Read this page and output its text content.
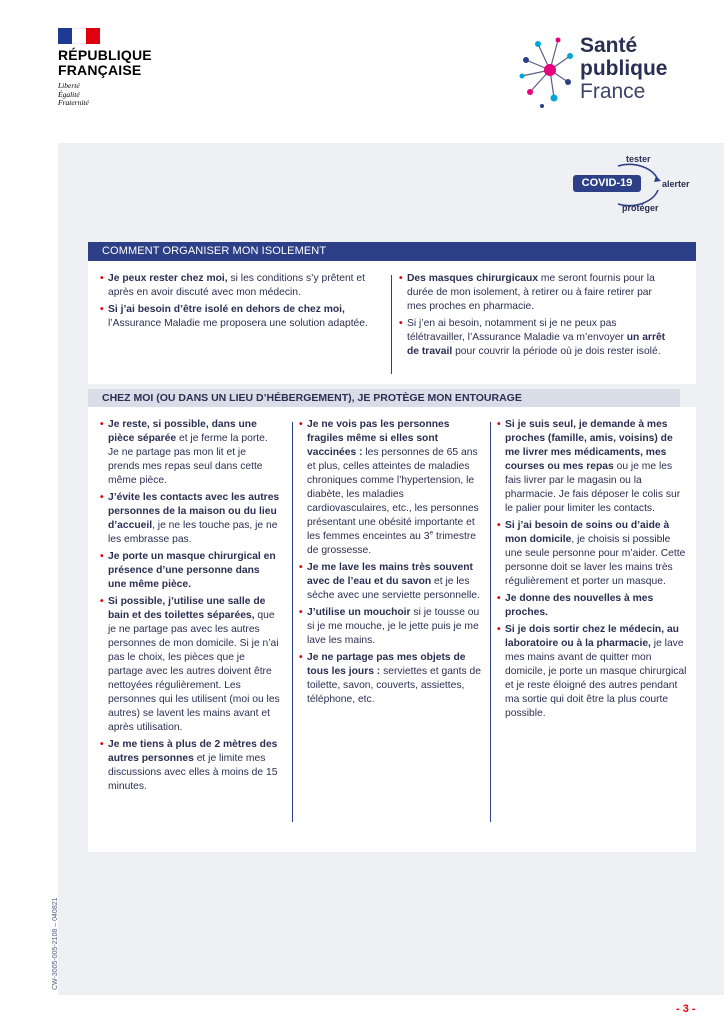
RÉPUBLIQUE
FRANÇAISE
Liberté
Égalité
Fraternité
Santé
publique
France
tester
COVID-19	alerter
protéger
COMMENT ORGANISER MON ISOLEMENT

• Je peux rester chez moi, si les conditions s’y prêtent et après en avoir discuté avec mon médecin.

• Si j’ai besoin d’être isolé en dehors de chez moi, l’Assurance Maladie me proposera une solution adaptée.

• Des masques chirurgicaux me seront fournis pour la durée de mon isolement, à retirer ou à faire retirer par mes proches en pharmacie.

• Si j’en ai besoin, notamment si je ne peux pas télétravailler, l’Assurance Maladie va m’envoyer un arrêt de travail pour couvrir la période où je dois rester isolé.

CHEZ MOI (OU DANS UN LIEU D’HÉBERGEMENT), JE PROTÈGE MON ENTOURAGE

• Je reste, si possible, dans une pièce séparée et je ferme la porte. Je ne partage pas mon lit et je prends mes repas seul dans cette même pièce.

• J’évite les contacts avec les autres personnes de la maison ou du lieu d’accueil, je ne les touche pas, je ne les embrasse pas.

• Je porte un masque chirurgical en présence d’une personne dans une même pièce.

• Si possible, j’utilise une salle de bain et des toilettes séparées, que je ne partage pas avec les autres personnes de mon domicile. Si je n’ai pas le choix, les pièces que je partage avec les autres doivent être nettoyées régulièrement. Les personnes qui les utilisent (moi ou les autres) se lavent les mains avant et après utilisation.

• Je me tiens à plus de 2 mètres des autres personnes et je limite mes discussions avec elles à moins de 15 minutes.

• Je ne vois pas les personnes fragiles même si elles sont vaccinées : les personnes de 65 ans et plus, celles atteintes de maladies chroniques comme l’hypertension, le diabète, les maladies cardiovasculaires, etc., les personnes présentant une obésité importante et les femmes enceintes au 3e trimestre de grossesse.

• Je me lave les mains très souvent avec de l’eau et du savon et je les sèche avec une serviette personnelle.

• J’utilise un mouchoir si je tousse ou si je me mouche, je le jette puis je me lave les mains.

• Je ne partage pas mes objets de tous les jours : serviettes et gants de toilette, savon, couverts, assiettes, téléphone, etc.

• Si je suis seul, je demande à mes proches (famille, amis, voisins) de me livrer mes médicaments, mes courses ou mes repas ou je me les fais livrer par le magasin ou la pharmacie. Je fais déposer le colis sur le palier pour limiter les contacts.

• Si j’ai besoin de soins ou d’aide à mon domicile, je choisis si possible une seule personne pour m’aider. Cette personne doit se laver les mains très régulièrement et porter un masque.

• Je donne des nouvelles à mes proches.

• Si je dois sortir chez le médecin, au laboratoire ou à la pharmacie, je lave mes mains avant de quitter mon domicile, je porte un masque chirurgical et je reste éloigné des autres pendant ma sortie qui doit être la plus courte possible.

CW-3005-005-2108 – 040821
- 3 -
